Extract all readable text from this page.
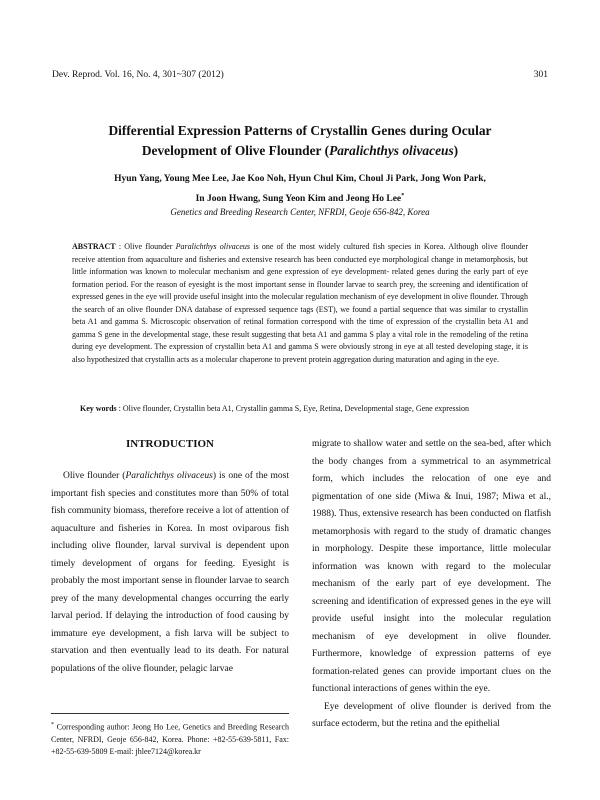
Dev. Reprod. Vol. 16, No. 4, 301~307 (2012)	301
Differential Expression Patterns of Crystallin Genes during Ocular
Development of Olive Flounder (Paralichthys olivaceus)
Hyun Yang, Young Mee Lee, Jae Koo Noh, Hyun Chul Kim, Choul Ji Park, Jong Won Park,
In Joon Hwang, Sung Yeon Kim and Jeong Ho Lee*
Genetics and Breeding Research Center, NFRDI, Geoje 656-842, Korea
ABSTRACT : Olive flounder Paralichthys olivaceus is one of the most widely cultured fish species in Korea. Although olive flounder receive attention from aquaculture and fisheries and extensive research has been conducted eye morphological change in metamorphosis, but little information was known to molecular mechanism and gene expression of eye development- related genes during the early part of eye formation period. For the reason of eyesight is the most important sense in flounder larvae to search prey, the screening and identification of expressed genes in the eye will provide useful insight into the molecular regulation mechanism of eye development in olive flounder. Through the search of an olive flounder DNA database of expressed sequence tags (EST), we found a partial sequence that was similar to crystallin beta A1 and gamma S. Microscopic observation of retinal formation correspond with the time of expression of the crystallin beta A1 and gamma S gene in the developmental stage, these result suggesting that beta A1 and gamma S play a vital role in the remodeling of the retina during eye development. The expression of crystallin beta A1 and gamma S were obviously strong in eye at all tested developing stage, it is also hypothesized that crystallin acts as a molecular chaperone to prevent protein aggregation during maturation and aging in the eye.
Key words : Olive flounder, Crystallin beta A1, Crystallin gamma S, Eye, Retina, Developmental stage, Gene expression
INTRODUCTION

Olive flounder (Paralichthys olivaceus) is one of the most important fish species and constitutes more than 50% of total fish community biomass, therefore receive a lot of attention of aquaculture and fisheries in Korea. In most oviparous fish including olive flounder, larval survival is dependent upon timely development of organs for feeding. Eyesight is probably the most important sense in flounder larvae to search prey of the many developmental changes occurring the early larval period. If delaying the introduction of food causing by immature eye development, a fish larva will be subject to starvation and then eventually lead to its death. For natural populations of the olive flounder, pelagic larvae

migrate to shallow water and settle on the sea-bed, after which the body changes from a symmetrical to an asymmetrical form, which includes the relocation of one eye and pigmentation of one side (Miwa & Inui, 1987; Miwa et al., 1988). Thus, extensive research has been conducted on flatfish metamorphosis with regard to the study of dramatic changes in morphology. Despite these importance, little molecular information was known with regard to the molecular mechanism of the early part of eye development. The screening and identification of expressed genes in the eye will provide useful insight into the molecular regulation mechanism of eye development in olive flounder. Furthermore, knowledge of expression patterns of eye formation-related genes can provide important clues on the functional interactions of genes within the eye.

Eye development of olive flounder is derived from the surface ectoderm, but the retina and the epithelial

* Corresponding author: Jeong Ho Lee, Genetics and Breeding Research Center, NFRDI, Geoje 656-842, Korea. Phone: +82-55-639-5811, Fax: +82-55-639-5809 E-mail: jhlee7124@korea.kr
